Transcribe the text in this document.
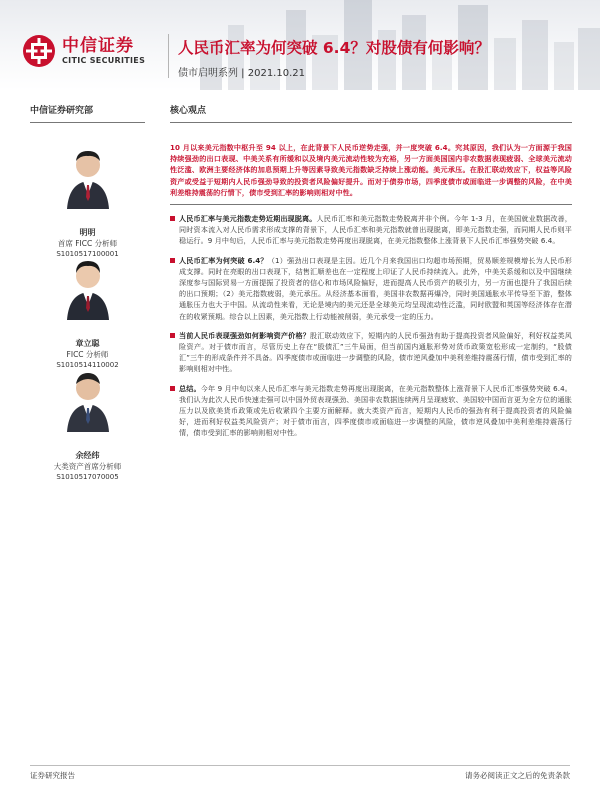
中信证券
CITIC SECURITIES
人民币汇率为何突破 6.4？对股债有何影响？
债市启明系列 | 2021.10.21
中信证券研究部
明明
首席 FICC 分析师
S1010517100001
章立聪
FICC 分析师
S1010514110002
余经纬
大类资产首席分析师
S1010517070005
核心观点
10 月以来美元指数中枢升至 94 以上，在此背景下人民币逆势走强，并一度突破 6.4。究其原因，我们认为一方面源于我国持续强劲的出口表现、中美关系有所缓和以及境内美元流动性较为充裕，另一方面美国国内非农数据表现疲弱、全球美元流动性泛滥、欧洲主要经济体的加息预期上升等因素导致美元指数缺乏持续上涨动能。美元承压。在股汇联动效应下，权益等风险资产或受益于短期内人民币强劲导致的投资者风险偏好提升。而对于债券市场，四季度债市或面临进一步调整的风险，在中美利差维持震荡的行情下，债市受到汇率的影响则相对中性。
人民币汇率与美元指数走势近期出现脱离。人民币汇率和美元指数走势脱离并非个例。今年 1-3 月，在美国就业数据改善，同时资本流入对人民币需求形成支撑的背景下，人民币汇率和美元指数就曾出现脱离，即美元指数走强，而同期人民币则平稳运行。9 月中旬后，人民币汇率与美元指数走势再度出现脱离，在美元指数整体上涨背景下人民币汇率强势突破 6.4。
人民币汇率为何突破 6.4？（1）强劲出口表现是主因。近几个月来我国出口均超市场预期，贸易顺差规模增长为人民币形成支撑。同时在亮眼的出口表现下，结售汇顺差也在一定程度上印证了人民币持续流入。此外，中美关系缓和以及中国继续深度参与国际贸易一方面提振了投资者的信心和市场风险偏好，进而提高人民币资产的吸引力，另一方面也提升了我国后续的出口预期；（2）美元指数疲弱，美元承压。从经济基本面看，美国非农数据再爆冷，同时美国通胀水平传导至下游，整体通胀压力也大于中国。从流动性来看，无论是境内的美元还是全球美元均呈现流动性泛滥，同时欧盟和英国等经济体存在潜在的收紧预期。综合以上因素，美元指数上行动能被削弱，美元承受一定的压力。
当前人民币表现强劲如何影响资产价格？股汇联动效应下，短期内的人民币强劲有助于提高投资者风险偏好，利好权益类风险资产。对于债市而言，尽管历史上存在“股债汇”三牛局面，但当前国内通胀形势对货币政策宽松形成一定制约，“股债汇”三牛的形成条件并不具备。四季度债市或面临进一步调整的风险，债市逆风叠加中美利差维持震荡行情，债市受到汇率的影响则相对中性。
总结。今年 9 月中旬以来人民币汇率与美元指数走势再度出现脱离，在美元指数整体上涨背景下人民币汇率强势突破 6.4。我们认为此次人民币快速走强可以中国外贸表现强劲、美国非农数据连续两月呈现疲软、美国较中国而言更为全方位的通胀压力以及欧美货币政策或先后收紧四个主要方面解释。就大类资产而言，短期内人民币的强劲有利于提高投资者的风险偏好，进而利好权益类风险资产；对于债市而言，四季度债市或面临进一步调整的风险，债市逆风叠加中美利差维持震荡行情，债市受到汇率的影响则相对中性。
证券研究报告	请务必阅读正文之后的免责条款
